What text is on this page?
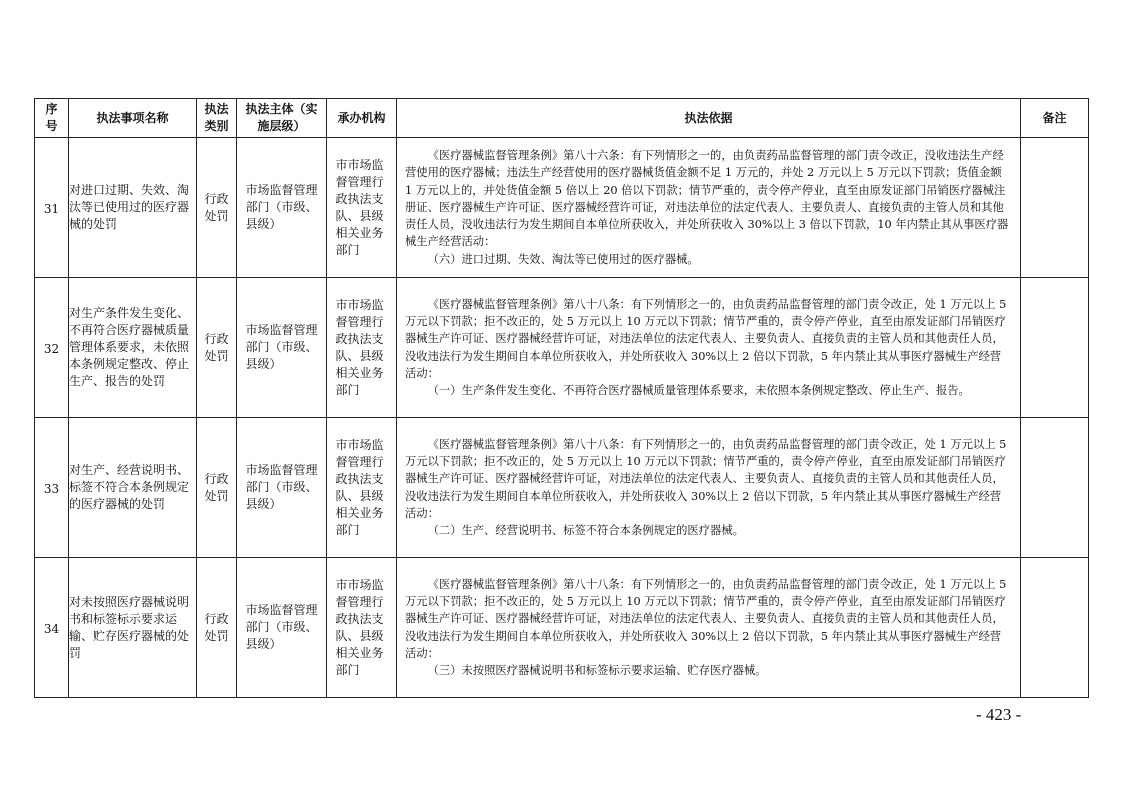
序号	执法事项名称	执法类别	执法主体（实施层级）	承办机构	执法依据	备注
31	对进口过期、失效、淘汰等已使用过的医疗器械的处罚	行政处罚	市场监督管理部门（市级、县级）	市市场监督管理行政执法支队、县级相关业务部门	《医疗器械监督管理条例》第八十六条：有下列情形之一的，由负责药品监督管理的部门责令改正，没收违法生产经营使用的医疗器械；违法生产经营使用的医疗器械货值金额不足 1 万元的，并处 2 万元以上 5 万元以下罚款；货值金额 1 万元以上的，并处货值金额 5 倍以上 20 倍以下罚款；情节严重的，责令停产停业，直至由原发证部门吊销医疗器械注册证、医疗器械生产许可证、医疗器械经营许可证，对违法单位的法定代表人、主要负责人、直接负责的主管人员和其他责任人员，没收违法行为发生期间自本单位所获收入，并处所获收入 30%以上 3 倍以下罚款，10 年内禁止其从事医疗器械生产经营活动：

（六）进口过期、失效、淘汰等已使用过的医疗器械。	

32	对生产条件发生变化、不再符合医疗器械质量管理体系要求，未依照本条例规定整改、停止生产、报告的处罚	行政处罚	市场监督管理部门（市级、县级）	市市场监督管理行政执法支队、县级相关业务部门	《医疗器械监督管理条例》第八十八条：有下列情形之一的，由负责药品监督管理的部门责令改正，处 1 万元以上 5 万元以下罚款；拒不改正的，处 5 万元以上 10 万元以下罚款；情节严重的，责令停产停业，直至由原发证部门吊销医疗器械生产许可证、医疗器械经营许可证，对违法单位的法定代表人、主要负责人、直接负责的主管人员和其他责任人员，没收违法行为发生期间自本单位所获收入，并处所获收入 30%以上 2 倍以下罚款，5 年内禁止其从事医疗器械生产经营活动：

（一）生产条件发生变化、不再符合医疗器械质量管理体系要求，未依照本条例规定整改、停止生产、报告。	

33	对生产、经营说明书、标签不符合本条例规定的医疗器械的处罚	行政处罚	市场监督管理部门（市级、县级）	市市场监督管理行政执法支队、县级相关业务部门	《医疗器械监督管理条例》第八十八条：有下列情形之一的，由负责药品监督管理的部门责令改正，处 1 万元以上 5 万元以下罚款；拒不改正的，处 5 万元以上 10 万元以下罚款；情节严重的，责令停产停业，直至由原发证部门吊销医疗器械生产许可证、医疗器械经营许可证，对违法单位的法定代表人、主要负责人、直接负责的主管人员和其他责任人员，没收违法行为发生期间自本单位所获收入，并处所获收入 30%以上 2 倍以下罚款，5 年内禁止其从事医疗器械生产经营活动：

（二）生产、经营说明书、标签不符合本条例规定的医疗器械。	

34	对未按照医疗器械说明书和标签标示要求运输、贮存医疗器械的处罚	行政处罚	市场监督管理部门（市级、县级）	市市场监督管理行政执法支队、县级相关业务部门	《医疗器械监督管理条例》第八十八条：有下列情形之一的，由负责药品监督管理的部门责令改正，处 1 万元以上 5 万元以下罚款；拒不改正的，处 5 万元以上 10 万元以下罚款；情节严重的，责令停产停业，直至由原发证部门吊销医疗器械生产许可证、医疗器械经营许可证，对违法单位的法定代表人、主要负责人、直接负责的主管人员和其他责任人员，没收违法行为发生期间自本单位所获收入，并处所获收入 30%以上 2 倍以下罚款，5 年内禁止其从事医疗器械生产经营活动：

（三）未按照医疗器械说明书和标签标示要求运输、贮存医疗器械。	

- 423 -
